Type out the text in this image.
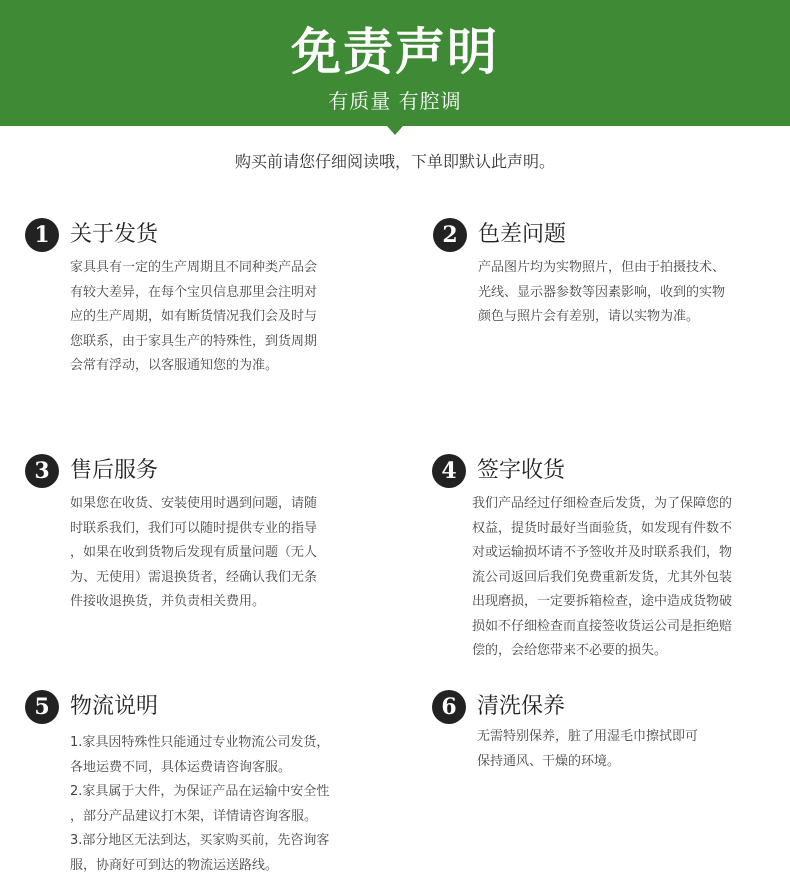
免责声明
有质量 有腔调
购买前请您仔细阅读哦，下单即默认此声明。
1 关于发货
家具具有一定的生产周期且不同种类产品会
有较大差异，在每个宝贝信息那里会注明对
应的生产周期，如有断货情况我们会及时与
您联系，由于家具生产的特殊性，到货周期
会常有浮动，以客服通知您的为准。
2 色差问题
产品图片均为实物照片，但由于拍摄技术、
光线、显示器参数等因素影响，收到的实物
颜色与照片会有差别，请以实物为准。
3 售后服务
如果您在收货、安装使用时遇到问题，请随
时联系我们，我们可以随时提供专业的指导
，如果在收到货物后发现有质量问题（无人
为、无使用）需退换货者，经确认我们无条
件接收退换货，并负责相关费用。
4 签字收货
我们产品经过仔细检查后发货，为了保障您的
权益，提货时最好当面验货，如发现有件数不
对或运输损坏请不予签收并及时联系我们，物
流公司返回后我们免费重新发货，尤其外包装
出现磨损，一定要拆箱检查，途中造成货物破
损如不仔细检查而直接签收货运公司是拒绝赔
偿的，会给您带来不必要的损失。
5 物流说明
1.家具因特殊性只能通过专业物流公司发货，
各地运费不同，具体运费请咨询客服。
2.家具属于大件，为保证产品在运输中安全性
，部分产品建议打木架，详情请咨询客服。
3.部分地区无法到达，买家购买前，先咨询客
服，协商好可到达的物流运送路线。
6 清洗保养
无需特别保养，脏了用湿毛巾擦拭即可
保持通风、干燥的环境。
